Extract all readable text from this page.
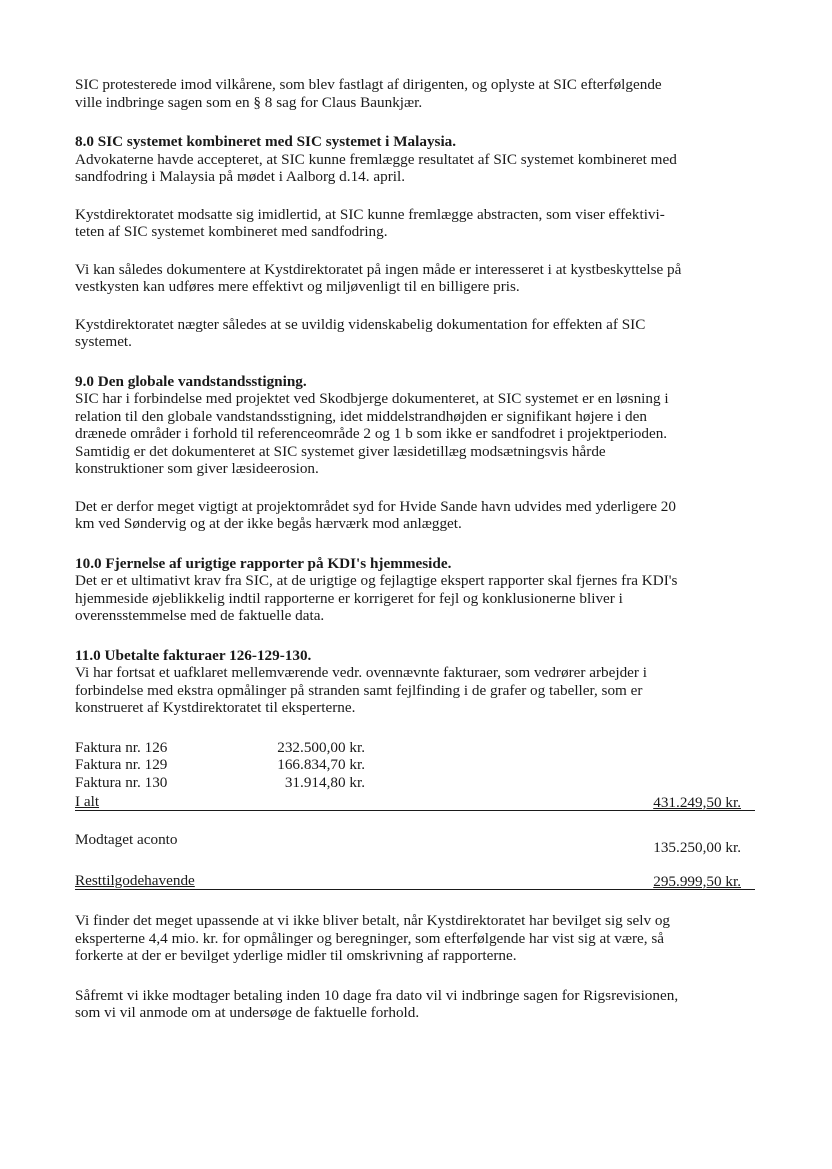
SIC protesterede imod vilkårene, som blev fastlagt af dirigenten, og oplyste at SIC efterfølgende
ville indbringe sagen som en § 8 sag for Claus Baunkjær.

8.0 SIC systemet kombineret med SIC systemet i Malaysia.

Advokaterne havde accepteret, at SIC kunne fremlægge resultatet af SIC systemet kombineret med
sandfodring i Malaysia på mødet i Aalborg d.14. april.

Kystdirektoratet modsatte sig imidlertid, at SIC kunne fremlægge abstracten, som viser effektivi-
teten af SIC systemet kombineret med sandfodring.

Vi kan således dokumentere at Kystdirektoratet på ingen måde er interesseret i at kystbeskyttelse på
vestkysten kan udføres mere effektivt og miljøvenligt til en billigere pris.

Kystdirektoratet nægter således at se uvildig videnskabelig dokumentation for effekten af SIC
systemet.

9.0 Den globale vandstandsstigning.

SIC har i forbindelse med projektet ved Skodbjerge dokumenteret, at SIC systemet er en løsning i
relation til den globale vandstandsstigning, idet middelstrandhøjden er signifikant højere i den
drænede områder i forhold til referenceområde 2 og 1 b som ikke er sandfodret i projektperioden.
Samtidig er det dokumenteret at SIC systemet giver læsidetillæg modsætningsvis hårde
konstruktioner som giver læsideerosion.

Det er derfor meget vigtigt at projektområdet syd for Hvide Sande havn udvides med yderligere 20
km ved Søndervig og at der ikke begås hærværk mod anlægget.

10.0 Fjernelse af urigtige rapporter på KDI's hjemmeside.

Det er et ultimativt krav fra SIC, at de urigtige og fejlagtige ekspert rapporter skal fjernes fra KDI's
hjemmeside øjeblikkelig indtil rapporterne er korrigeret for fejl og konklusionerne bliver i
overensstemmelse med de faktuelle data.

11.0 Ubetalte fakturaer 126-129-130.

Vi har fortsat et uafklaret mellemværende vedr. ovennævnte fakturaer, som vedrører arbejder i
forbindelse med ekstra opmålinger på stranden samt fejlfinding i de grafer og tabeller, som er
konstrueret af Kystdirektoratet til eksperterne.

Faktura nr. 126	232.500,00 kr.
Faktura nr. 129	166.834,70 kr.
Faktura nr. 130	31.914,80 kr.
I alt	431.249,50 kr.
Modtaget aconto	135.250,00 kr.
Resttilgodehavende	295.999,50 kr.

Vi finder det meget upassende at vi ikke bliver betalt, når Kystdirektoratet har bevilget sig selv og
eksperterne 4,4 mio. kr. for opmålinger og beregninger, som efterfølgende har vist sig at være, så
forkerte at der er bevilget yderlige midler til omskrivning af rapporterne.

Såfremt vi ikke modtager betaling inden 10 dage fra dato vil vi indbringe sagen for Rigsrevisionen,
som vi vil anmode om at undersøge de faktuelle forhold.
